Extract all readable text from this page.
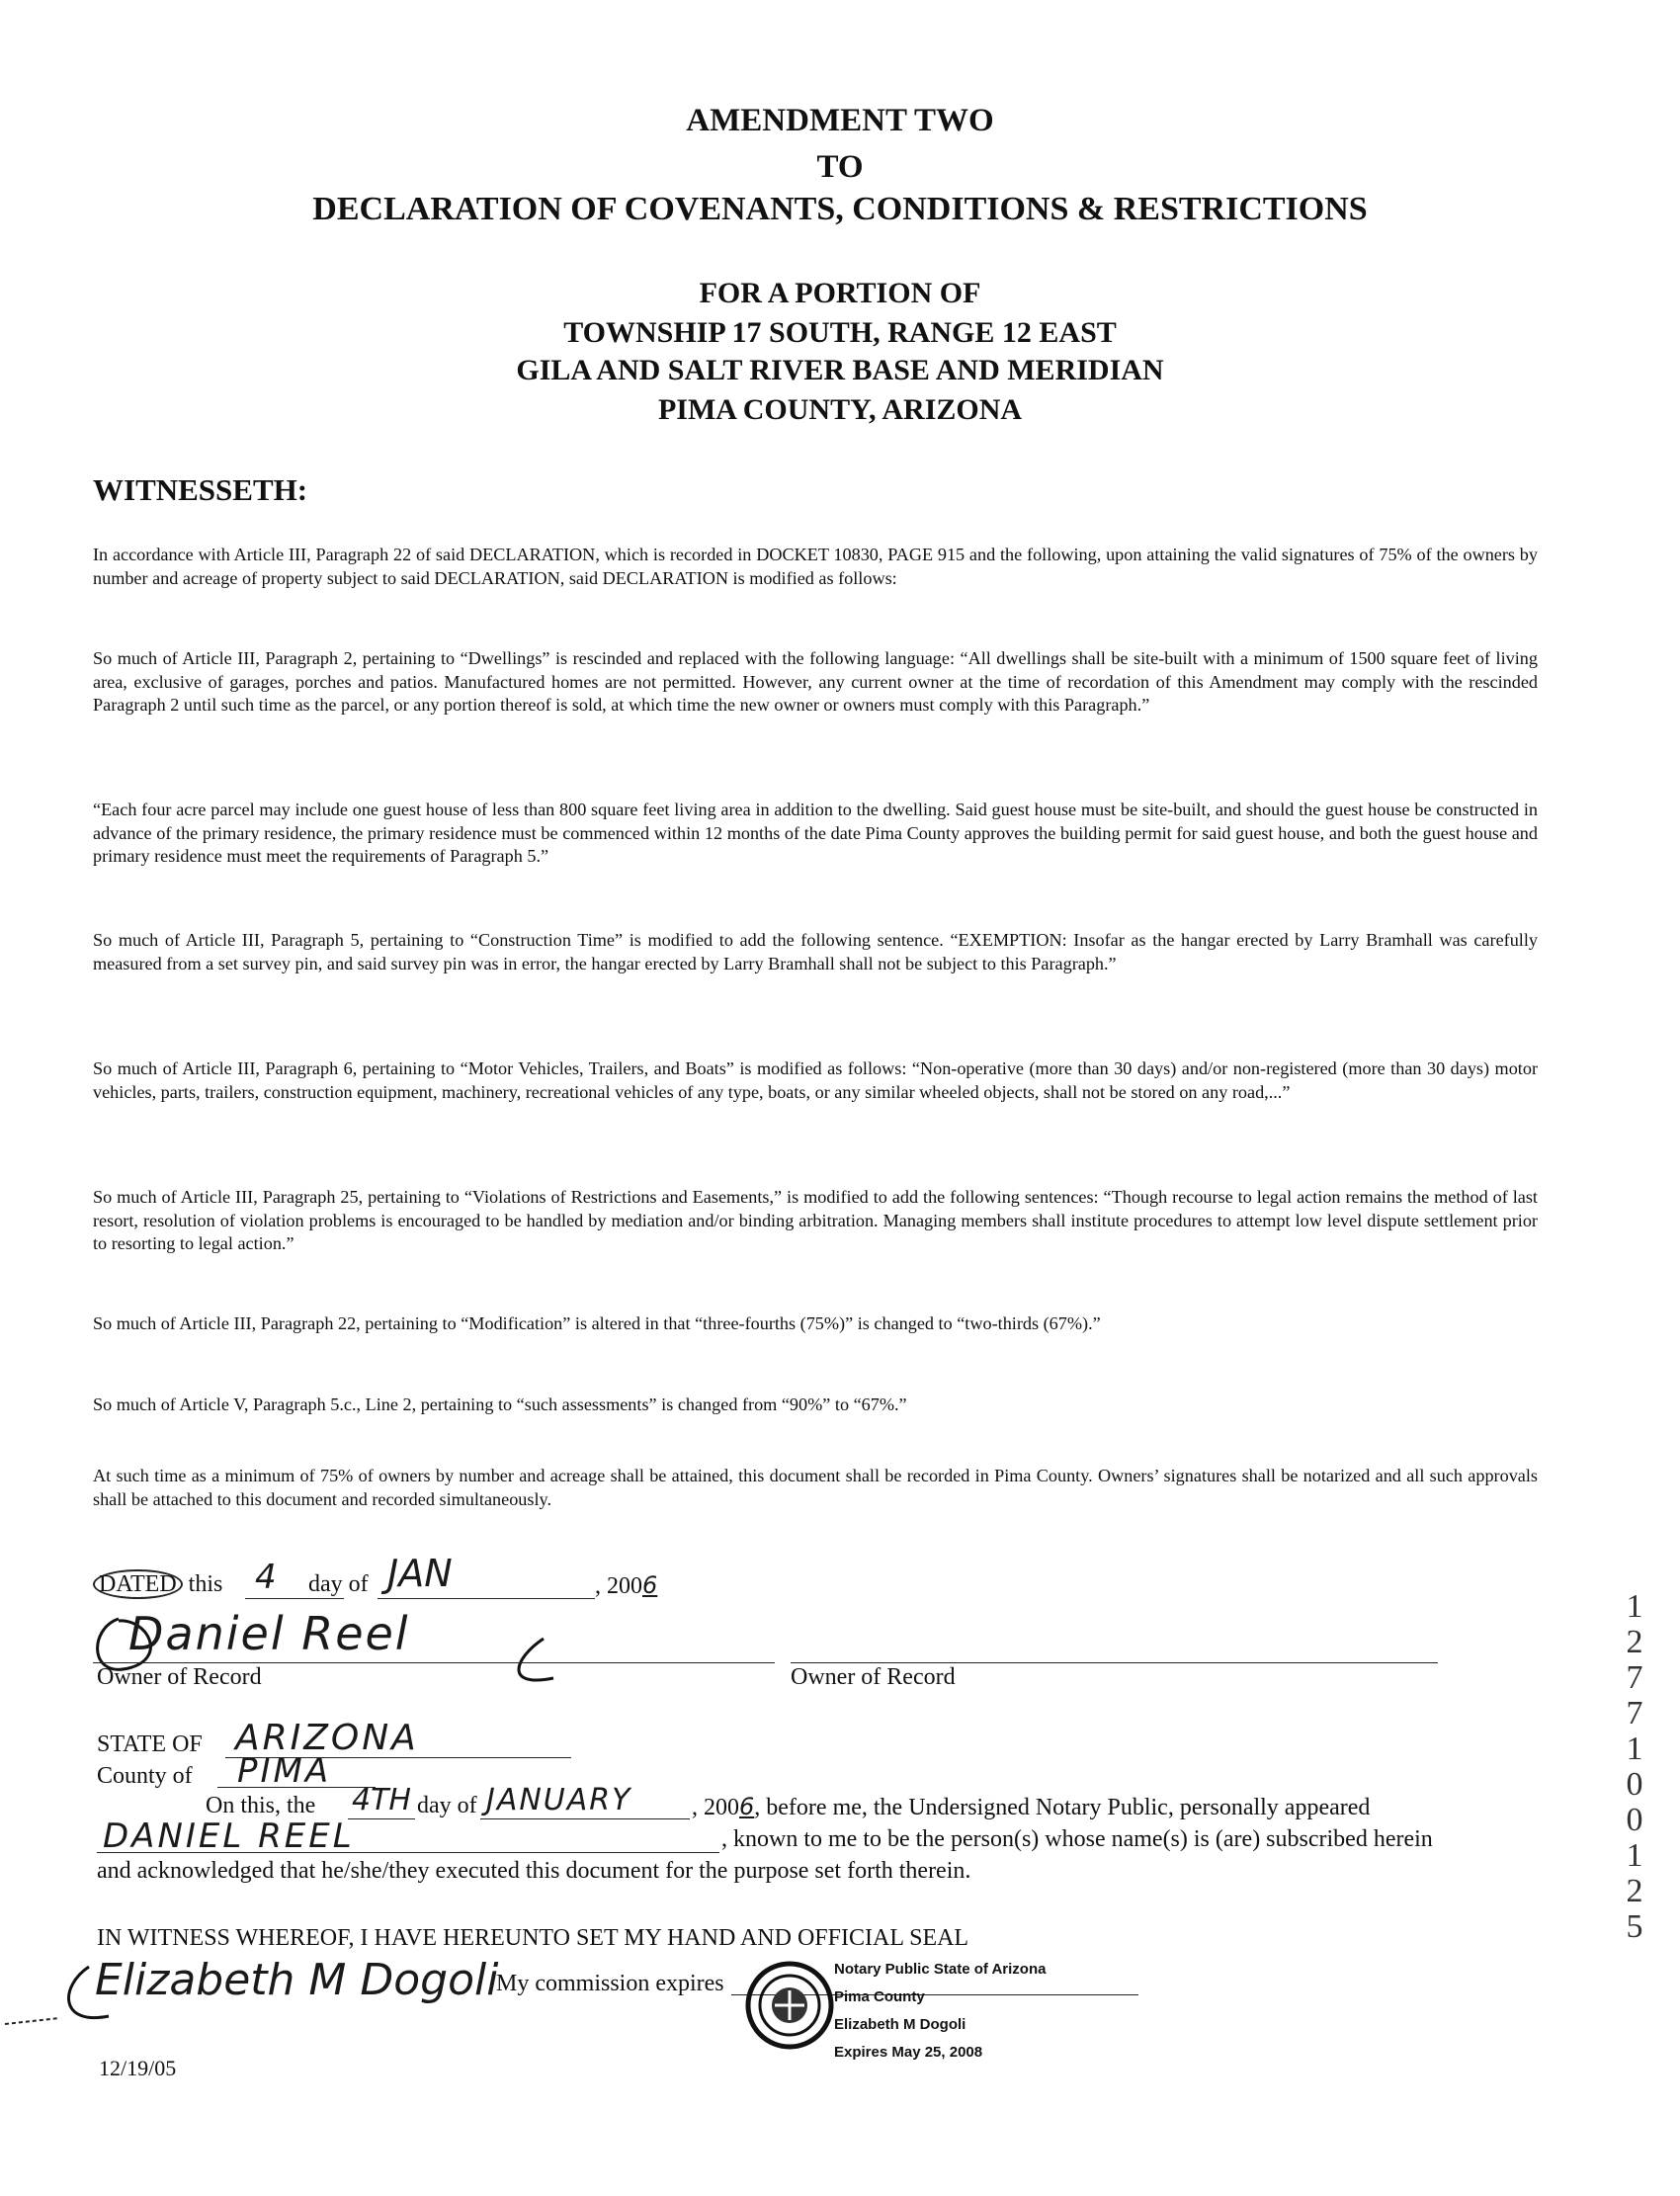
AMENDMENT TWO
TO
DECLARATION OF COVENANTS, CONDITIONS & RESTRICTIONS
FOR A PORTION OF
TOWNSHIP 17 SOUTH, RANGE 12 EAST
GILA AND SALT RIVER BASE AND MERIDIAN
PIMA COUNTY, ARIZONA
WITNESSETH:
In accordance with Article III, Paragraph 22 of said DECLARATION, which is recorded in DOCKET 10830, PAGE 915 and the following, upon attaining the valid signatures of 75% of the owners by number and acreage of property subject to said DECLARATION, said DECLARATION is modified as follows:
So much of Article III, Paragraph 2, pertaining to “Dwellings” is rescinded and replaced with the following language: “All dwellings shall be site-built with a minimum of 1500 square feet of living area, exclusive of garages, porches and patios. Manufactured homes are not permitted. However, any current owner at the time of recordation of this Amendment may comply with the rescinded Paragraph 2 until such time as the parcel, or any portion thereof is sold, at which time the new owner or owners must comply with this Paragraph.”
“Each four acre parcel may include one guest house of less than 800 square feet living area in addition to the dwelling. Said guest house must be site-built, and should the guest house be constructed in advance of the primary residence, the primary residence must be commenced within 12 months of the date Pima County approves the building permit for said guest house, and both the guest house and primary residence must meet the requirements of Paragraph 5.”
So much of Article III, Paragraph 5, pertaining to “Construction Time” is modified to add the following sentence. “EXEMPTION: Insofar as the hangar erected by Larry Bramhall was carefully measured from a set survey pin, and said survey pin was in error, the hangar erected by Larry Bramhall shall not be subject to this Paragraph.”
So much of Article III, Paragraph 6, pertaining to “Motor Vehicles, Trailers, and Boats” is modified as follows: “Non-operative (more than 30 days) and/or non-registered (more than 30 days) motor vehicles, parts, trailers, construction equipment, machinery, recreational vehicles of any type, boats, or any similar wheeled objects, shall not be stored on any road,...”
So much of Article III, Paragraph 25, pertaining to “Violations of Restrictions and Easements,” is modified to add the following sentences: “Though recourse to legal action remains the method of last resort, resolution of violation problems is encouraged to be handled by mediation and/or binding arbitration. Managing members shall institute procedures to attempt low level dispute settlement prior to resorting to legal action.”
So much of Article III, Paragraph 22, pertaining to “Modification” is altered in that “three-fourths (75%)” is changed to “two-thirds (67%).”
So much of Article V, Paragraph 5.c., Line 2, pertaining to “such assessments” is changed from “90%” to “67%.”
At such time as a minimum of 75% of owners by number and acreage shall be attained, this document shall be recorded in Pima County. Owners’ signatures shall be notarized and all such approvals shall be attached to this document and recorded simultaneously.
DATED this 4 day of JAN	, 2006
Daniel Reel
Owner of Record	Owner of Record
STATE OF ARIZONA
County of PIMA
On this, the 4TH day of JANUARY	, 2006, before me, the Undersigned Notary Public, personally appeared
DANIEL REEL	, known to me to be the person(s) whose name(s) is (are) subscribed herein
and acknowledged that he/she/they executed this document for the purpose set forth therein.
IN WITNESS WHEREOF, I HAVE HEREUNTO SET MY HAND AND OFFICIAL SEAL
Elizabeth M Dogoli
My commission expires
Notary Public State of Arizona
Pima County
Elizabeth M Dogoli
Expires May 25, 2008
12/19/05
1
2
7
7
1
0
0
1
2
5
